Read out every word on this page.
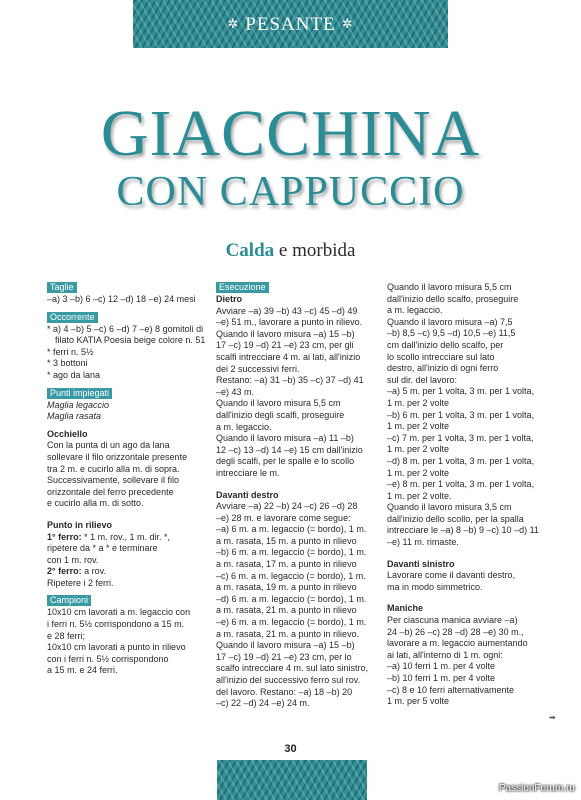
✲ PESANTE ✲
GIACCHINA
CON CAPPUCCIO
Calda e morbida
Taglie

–a) 3 –b) 6 –c) 12 –d) 18 –e) 24 mesi

Occorrente

* a) 4 –b) 5 –c) 6 –d) 7 –e) 8 gomitoli di filato KATIA Poesia beige colore n. 51

* ferri n. 5½

* 3 bottoni

* ago da lana

Punti impiegati

Maglia legaccio

Maglia rasata

Occhiello

Con la punta di un ago da lana
sollevare il filo orizzontale presente
tra 2 m. e cucirlo alla m. di sopra.
Successivamente, sollevare il filo
orizzontale del ferro precedente
e cucirlo alla m. di sotto.

Punto in rilievo

1° ferro: * 1 m. rov., 1 m. dir. *,
ripetere da * a * e terminare
con 1 m. rov.

2° ferro: a rov.

Ripetere i 2 ferri.

Campioni

10x10 cm lavorati a m. legaccio con
i ferri n. 5½ corrispondono a 15 m.
e 28 ferri;
10x10 cm lavorati a punto in rilievo
con i ferri n. 5½ corrispondono
a 15 m. e 24 ferri.

Esecuzione

Dietro

Avviare –a) 39 –b) 43 –c) 45 –d) 49
–e) 51 m., lavorare a punto in rilievo.
Quando il lavoro misura –a) 15 –b)
17 –c) 19 –d) 21 –e) 23 cm, per gli
scalfi intrecciare 4 m. ai lati, all'inizio
dei 2 successivi ferri.
Restano: –a) 31 –b) 35 –c) 37 –d) 41
–e) 43 m.
Quando il lavoro misura 5,5 cm
dall'inizio degli scalfi, proseguire
a m. legaccio.
Quando il lavoro misura –a) 11 –b)
12 –c) 13 –d) 14 –e) 15 cm dall'inizio
degli scalfi, per le spalle e lo scollo
intrecciare le m.

Davanti destro

Avviare –a) 22 –b) 24 –c) 26 –d) 28
–e) 28 m. e lavorare come segue:
–a) 6 m. a m. legaccio (= bordo), 1 m.
a m. rasata, 15 m. a punto in rilievo
–b) 6 m. a m. legaccio (= bordo), 1 m.
a m. rasata, 17 m. a punto in rilievo
–c) 6 m. a m. legaccio (= bordo), 1 m.
a m. rasata, 19 m. a punto in rilievo
–d) 6 m. a m. legaccio (= bordo), 1 m.
a m. rasata, 21 m. a punto in rilievo
–e) 6 m. a m. legaccio (= bordo), 1 m.
a m. rasata, 21 m. a punto in rilievo.
Quando il lavoro misura –a) 15 –b)
17 –c) 19 –d) 21 –e) 23 cm, per lo
scalfo intrecciare 4 m. sul lato sinistro,
all'inizio del successivo ferro sul rov.
del lavoro. Restano: –a) 18 –b) 20
–c) 22 –d) 24 –e) 24 m.

Quando il lavoro misura 5,5 cm
dall'inizio dello scalfo, proseguire
a m. legaccio.
Quando il lavoro misura –a) 7,5
–b) 8,5 –c) 9,5 –d) 10,5 –e) 11,5
cm dall'inizio dello scalfo, per
lo scollo intrecciare sul lato
destro, all'inizio di ogni ferro
sul dir. del lavoro:
–a) 5 m. per 1 volta, 3 m. per 1 volta,
1 m. per 2 volte
–b) 6 m. per 1 volta, 3 m. per 1 volta,
1 m. per 2 volte
–c) 7 m. per 1 volta, 3 m. per 1 volta,
1 m. per 2 volte
–d) 8 m. per 1 volta, 3 m. per 1 volta,
1 m. per 2 volte
–e) 8 m. per 1 volta, 3 m. per 1 volta,
1 m. per 2 volte.
Quando il lavoro misura 3,5 cm
dall'inizio dello scollo, per la spalla
intrecciare le –a) 8 –b) 9 –c) 10 –d) 11
–e) 11 m. rimaste.

Davanti sinistro

Lavorare come il davanti destro,
ma in modo simmetrico.

Maniche

Per ciascuna manica avviare –a)
24 –b) 26 –c) 28 –d) 28 –e) 30 m.,
lavorare a m. legaccio aumentando
ai lati, all'interno di 1 m. ogni:
–a) 10 ferri 1 m. per 4 volte
–b) 10 ferri 1 m. per 4 volte
–c) 8 e 10 ferri alternativamente
1 m. per 5 volte

➡
30
PassionForum.ru
